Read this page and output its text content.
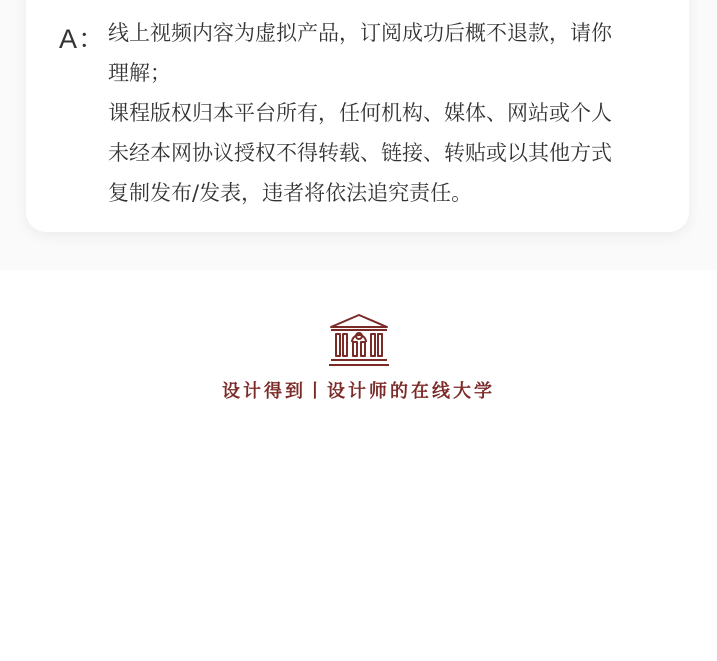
A： 线上视频内容为虚拟产品，订阅成功后概不退款，请你
理解；
课程版权归本平台所有，任何机构、媒体、网站或个人
未经本网协议授权不得转载、链接、转贴或以其他方式
复制发布/发表，违者将依法追究责任。
设计得到丨设计师的在线大学
